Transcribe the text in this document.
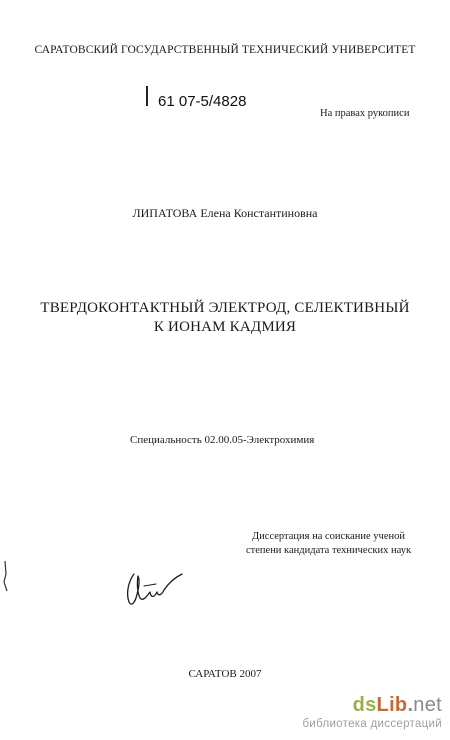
САРАТОВСКИЙ ГОСУДАРСТВЕННЫЙ ТЕХНИЧЕСКИЙ УНИВЕРСИТЕТ
61 07-5/4828
На правах рукописи
ЛИПАТОВА Елена Константиновна
ТВЕРДОКОНТАКТНЫЙ ЭЛЕКТРОД, СЕЛЕКТИВНЫЙ
К ИОНАМ КАДМИЯ
Специальность 02.00.05-Электрохимия
Диссертация на соискание ученой
степени кандидата технических наук
САРАТОВ 2007
dsLib.net
библиотека диссертаций
